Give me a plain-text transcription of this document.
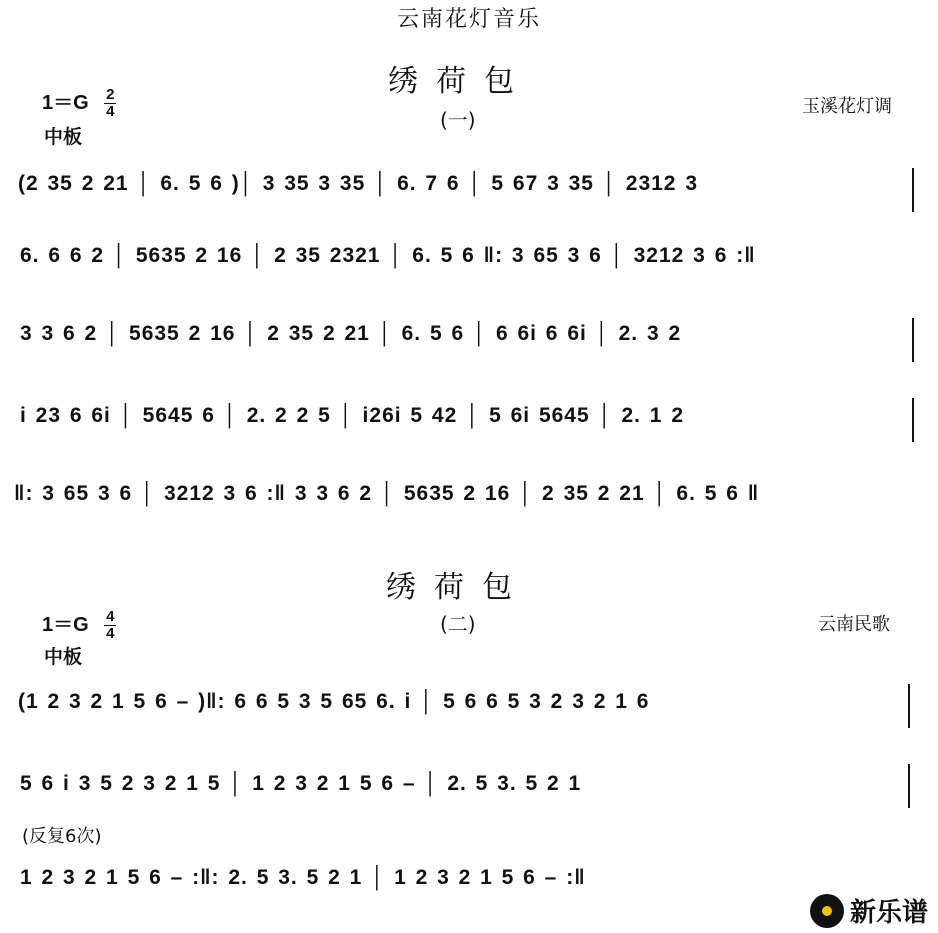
云南花灯音乐
绣荷包
(一)
$1=G \frac{2}{4}$
中板
玉溪花灯调
(2 35 2 21 │ 6. 5 6 )│ 3 35 3 35 │ 6. 7 6 │ 5 67 3 35 │ 2312 3
6. 6 6 2 │ 5635 2 16 │ 2 35 2321 │ 6. 5 6 ‖: 3 65 3 6 │ 3212 3 6 :‖
3 3 6 2 │ 5635 2 16 │ 2 35 2 21 │ 6. 5 6 │ 6 6i 6 6i │ 2. 3 2
i 23 6 6i │ 5645 6 │ 2. 2 2 5 │ i26i 5 42 │ 5 6i 5645 │ 2. 1 2
‖: 3 65 3 6 │ 3212 3 6 :‖ 3 3 6 2 │ 5635 2 16 │ 2 35 2 21 │ 6. 5 6 ‖
绣荷包
(二)
$1=G \frac{4}{4}$
中板
云南民歌
(1 2 3 2 1 5 6 – )‖: 6 6 5 3 5 65 6. i │ 5 6 6 5 3 2 3 2 1 6
5 6 i 3 5 2 3 2 1 5 │ 1 2 3 2 1 5 6 – │ 2. 5 3. 5 2 1
(反复6次)
1 2 3 2 1 5 6 – :‖: 2. 5 3. 5 2 1 │ 1 2 3 2 1 5 6 – :‖
新乐谱
